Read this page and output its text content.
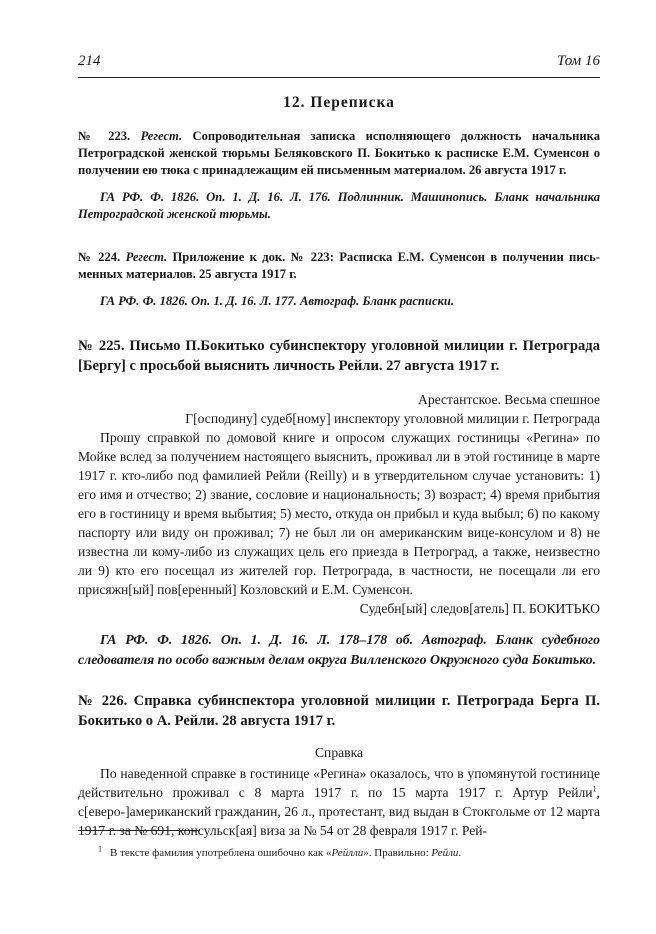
214	Том 16
12. Переписка

№ 223. Регест. Сопроводительная записка исполняющего должность начальника Петроградской женской тюрьмы Беляковского П. Бокитько к расписке Е.М. Суменсон о получении ею тюка с принадлежащим ей письменным материалом. 26 августа 1917 г.

ГА РФ. Ф. 1826. Оп. 1. Д. 16. Л. 176. Подлинник. Машинопись. Бланк начальника Петроградской женской тюрьмы.

№ 224. Регест. Приложение к док. № 223: Расписка Е.М. Суменсон в получении письменных материалов. 25 августа 1917 г.

ГА РФ. Ф. 1826. Оп. 1. Д. 16. Л. 177. Автограф. Бланк расписки.

№ 225. Письмо П.Бокитько субинспектору уголовной милиции г. Петрограда [Бергу] с просьбой выяснить личность Рейли. 27 августа 1917 г.

Арестантское. Весьма спешное

Г[осподину] судеб[ному] инспектору уголовной милиции г. Петрограда

Прошу справкой по домовой книге и опросом служащих гостиницы «Регина» по Мойке вслед за получением настоящего выяснить, проживал ли в этой гостинице в марте 1917 г. кто-либо под фамилией Рейли (Reilly) и в утвердительном случае установить: 1) его имя и отчество; 2) звание, сословие и национальность; 3) возраст; 4) время прибытия его в гостиницу и время выбытия; 5) место, откуда он прибыл и куда выбыл; 6) по какому паспорту или виду он проживал; 7) не был ли он американским вице-консулом и 8) не известна ли кому-либо из служащих цель его приезда в Петроград, а также, неизвестно ли 9) кто его посещал из жителей гор. Петрограда, в частности, не посещали ли его присяжн[ый] пов[еренный] Козловский и Е.М. Суменсон.

Судебн[ый] следов[атель] П. БОКИТЬКО

ГА РФ. Ф. 1826. Оп. 1. Д. 16. Л. 178–178 об. Автограф. Бланк судебного следователя по особо важным делам округа Вилленского Окружного суда Бокитько.

№ 226. Справка субинспектора уголовной милиции г. Петрограда Берга П. Бокитько о А. Рейли. 28 августа 1917 г.

Справка

По наведенной справке в гостинице «Регина» оказалось, что в упомянутой гостинице действительно проживал с 8 марта 1917 г. по 15 марта 1917 г. Артур Рейли$^1$, с[еверо-]американский гражданин, 26 л., протестант, вид выдан в Стокгольме от 12 марта 1917 г. за № 691, консульск[ая] виза за № 54 от 28 февраля 1917 г. Рей-

$^1$ В тексте фамилия употреблена ошибочно как «Рейлли». Правильно: Рейли.
